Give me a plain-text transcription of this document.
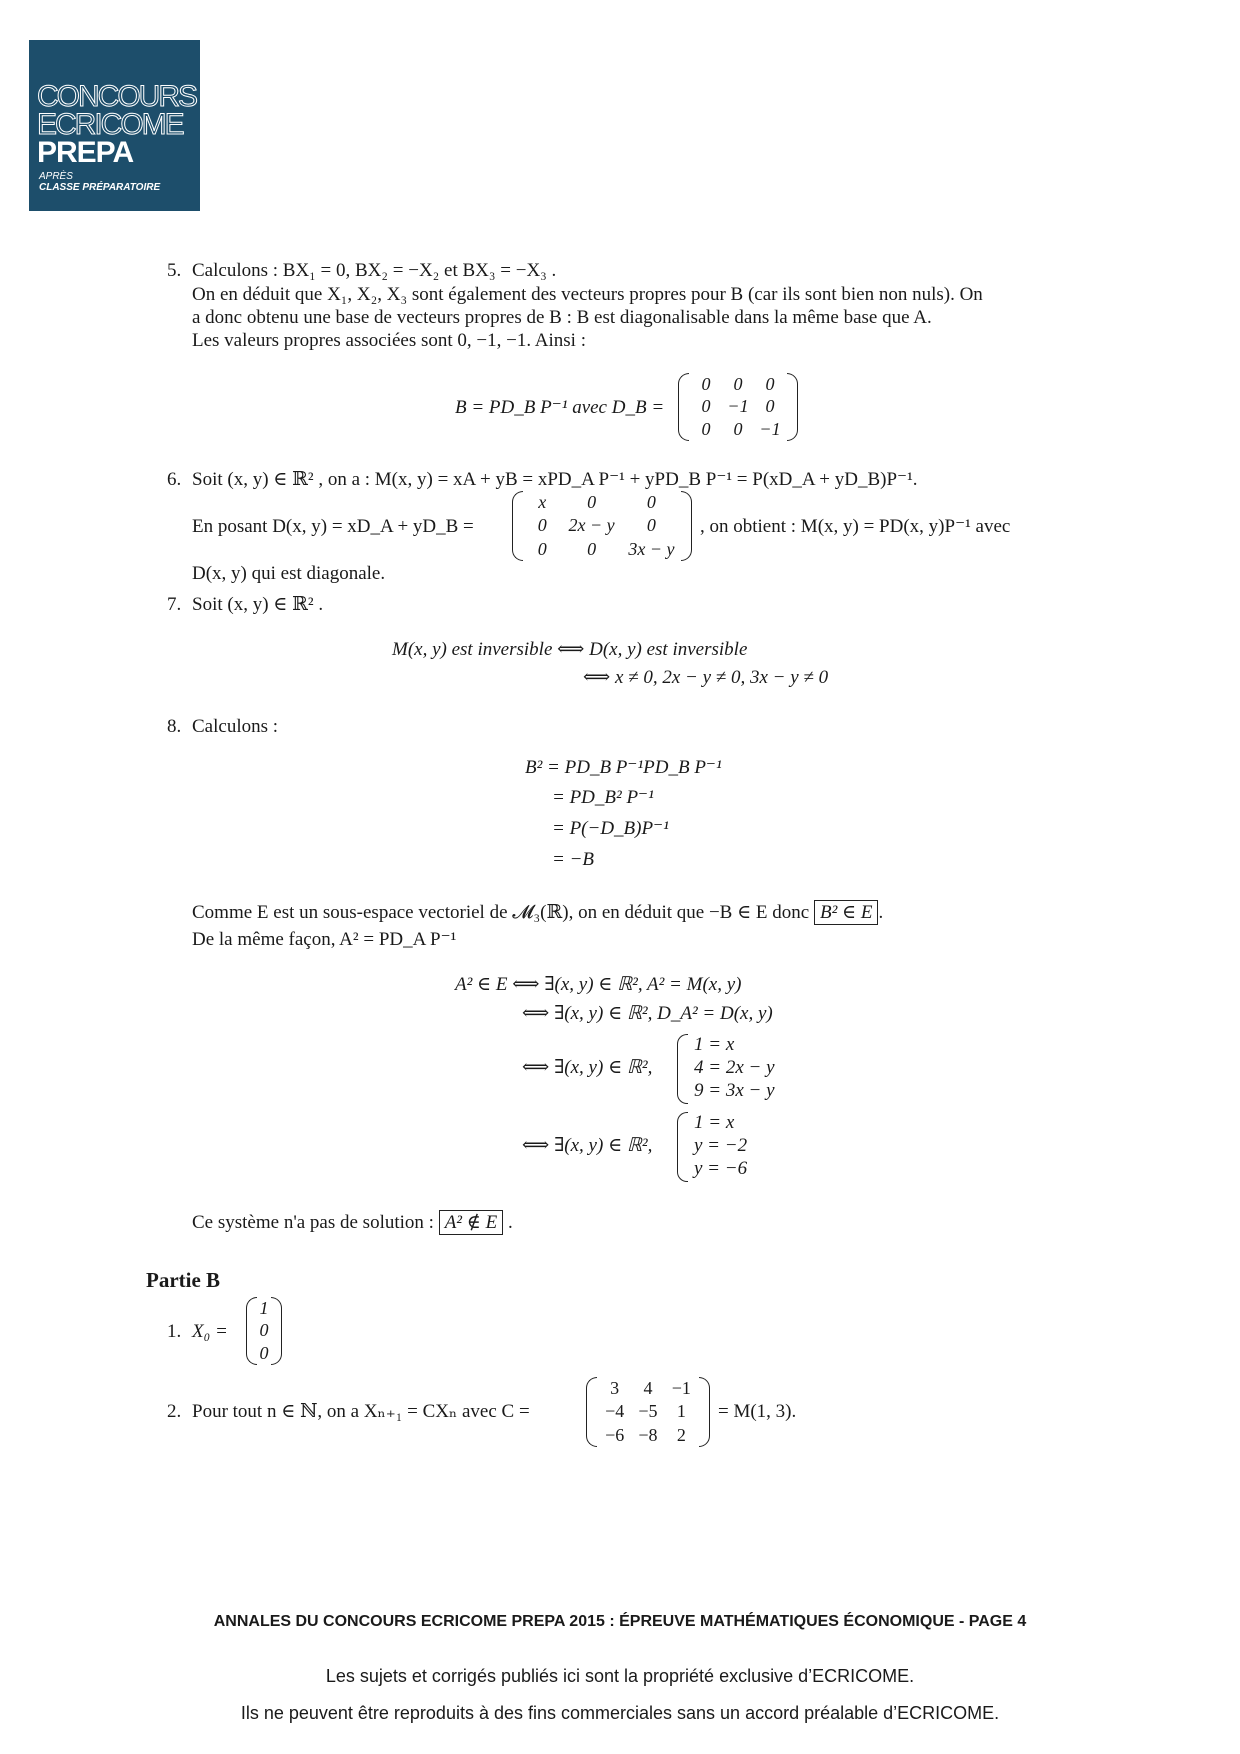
CONCOURS
ECRICOME
PREPA
APRÈS
CLASSE PRÉPARATOIRE
5. Calculons : BX₁ = 0, BX₂ = −X₂ et BX₃ = −X₃ .
On en déduit que X₁, X₂, X₃ sont également des vecteurs propres pour B (car ils sont bien non nuls). On
a donc obtenu une base de vecteurs propres de B : B est diagonalisable dans la même base que A.
Les valeurs propres associées sont 0, −1, −1. Ainsi :
B = PD_B P⁻¹ avec D_B =
0	0	0
0 −1 0
0	0 −1
6. Soit (x, y) ∈ ℝ² , on a : M(x, y) = xA + yB = xPD_A P⁻¹ + yPD_B P⁻¹ = P(xD_A + yD_B)P⁻¹.
En posant D(x, y) = xD_A + yD_B =
x	0	0
0	2x − y	0
0	0	3x − y
, on obtient : M(x, y) = PD(x, y)P⁻¹ avec
D(x, y) qui est diagonale.
7. Soit (x, y) ∈ ℝ² .
M(x, y) est inversible ⟺ D(x, y) est inversible
⟺ x ≠ 0, 2x − y ≠ 0, 3x − y ≠ 0
8. Calculons :
B² = PD_B P⁻¹PD_B P⁻¹
= PD_B² P⁻¹
= P(−D_B)P⁻¹
= −B
Comme E est un sous-espace vectoriel de 𝓜₃(ℝ), on en déduit que −B ∈ E donc B² ∈ E .
De la même façon, A² = PD_A P⁻¹
A² ∈ E ⟺ ∃(x, y) ∈ ℝ², A² = M(x, y)
⟺ ∃(x, y) ∈ ℝ², D_A² = D(x, y)
⟺ ∃(x, y) ∈ ℝ²,
1 = x
4 = 2x − y
9 = 3x − y
⟺ ∃(x, y) ∈ ℝ²,
1 = x
y = −2
y = −6
Ce système n'a pas de solution : A² ∉ E .
Partie B
1. X₀ =
1
0
0
2. Pour tout n ∈ ℕ, on a Xₙ₊₁ = CXₙ avec C =
3	4	−1
−4 −5	1
−6 −8	2
= M(1, 3).
ANNALES DU CONCOURS ECRICOME PREPA 2015 : ÉPREUVE MATHÉMATIQUES ÉCONOMIQUE - PAGE 4
Les sujets et corrigés publiés ici sont la propriété exclusive d’ECRICOME.
Ils ne peuvent être reproduits à des fins commerciales sans un accord préalable d’ECRICOME.
